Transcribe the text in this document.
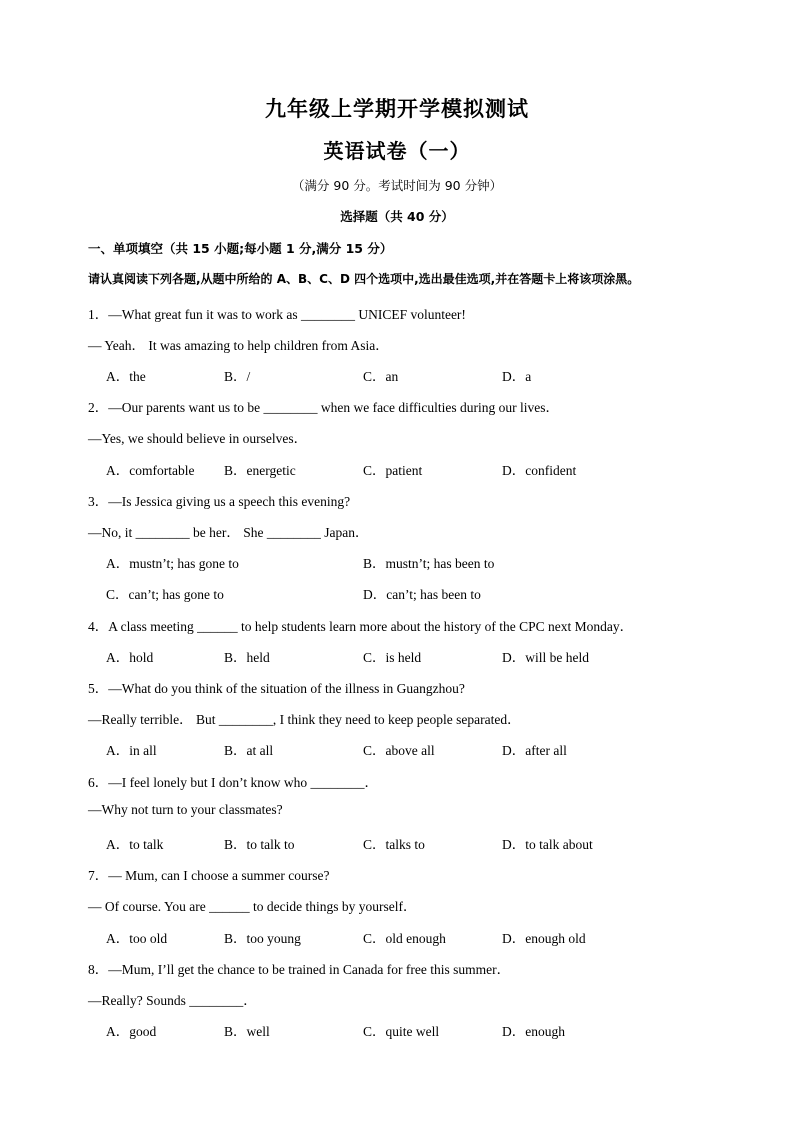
九年级上学期开学模拟测试
英语试卷（一）
（满分 90 分。考试时间为 90 分钟）
选择题（共 40 分）
一、单项填空（共 15 小题;每小题 1 分,满分 15 分）
请认真阅读下列各题,从题中所给的 A、B、C、D 四个选项中,选出最佳选项,并在答题卡上将该项涂黑。
1．—What great fun it was to work as ________ UNICEF volunteer!
— Yeah． It was amazing to help children from Asia．
A．the	B．/	C．an	D．a
2．—Our parents want us to be ________ when we face difficulties during our lives．
—Yes, we should believe in ourselves．
A．comfortable B．energetic	C．patient	D．confident
3．—Is Jessica giving us a speech this evening?
—No, it ________ be her． She ________ Japan．
A．mustn’t; has gone to	B．mustn’t; has been to
C．can’t; has gone to	D．can’t; has been to
4．A class meeting ______ to help students learn more about the history of the CPC next Monday．
A．hold	B．held	C．is held	D．will be held
5．—What do you think of the situation of the illness in Guangzhou?
—Really terrible． But ________, I think they need to keep people separated．
A．in all	B．at all	C．above all	D．after all
6．—I feel lonely but I don’t know who ________．
—Why not turn to your classmates?
A．to talk	B．to talk to	C．talks to	D．to talk about
7．— Mum, can I choose a summer course?
— Of course. You are ______ to decide things by yourself．
A．too old	B．too young	C．old enough	D．enough old
8．—Mum, I’ll get the chance to be trained in Canada for free this summer．
—Really? Sounds ________．
A．good	B．well	C．quite well	D．enough
